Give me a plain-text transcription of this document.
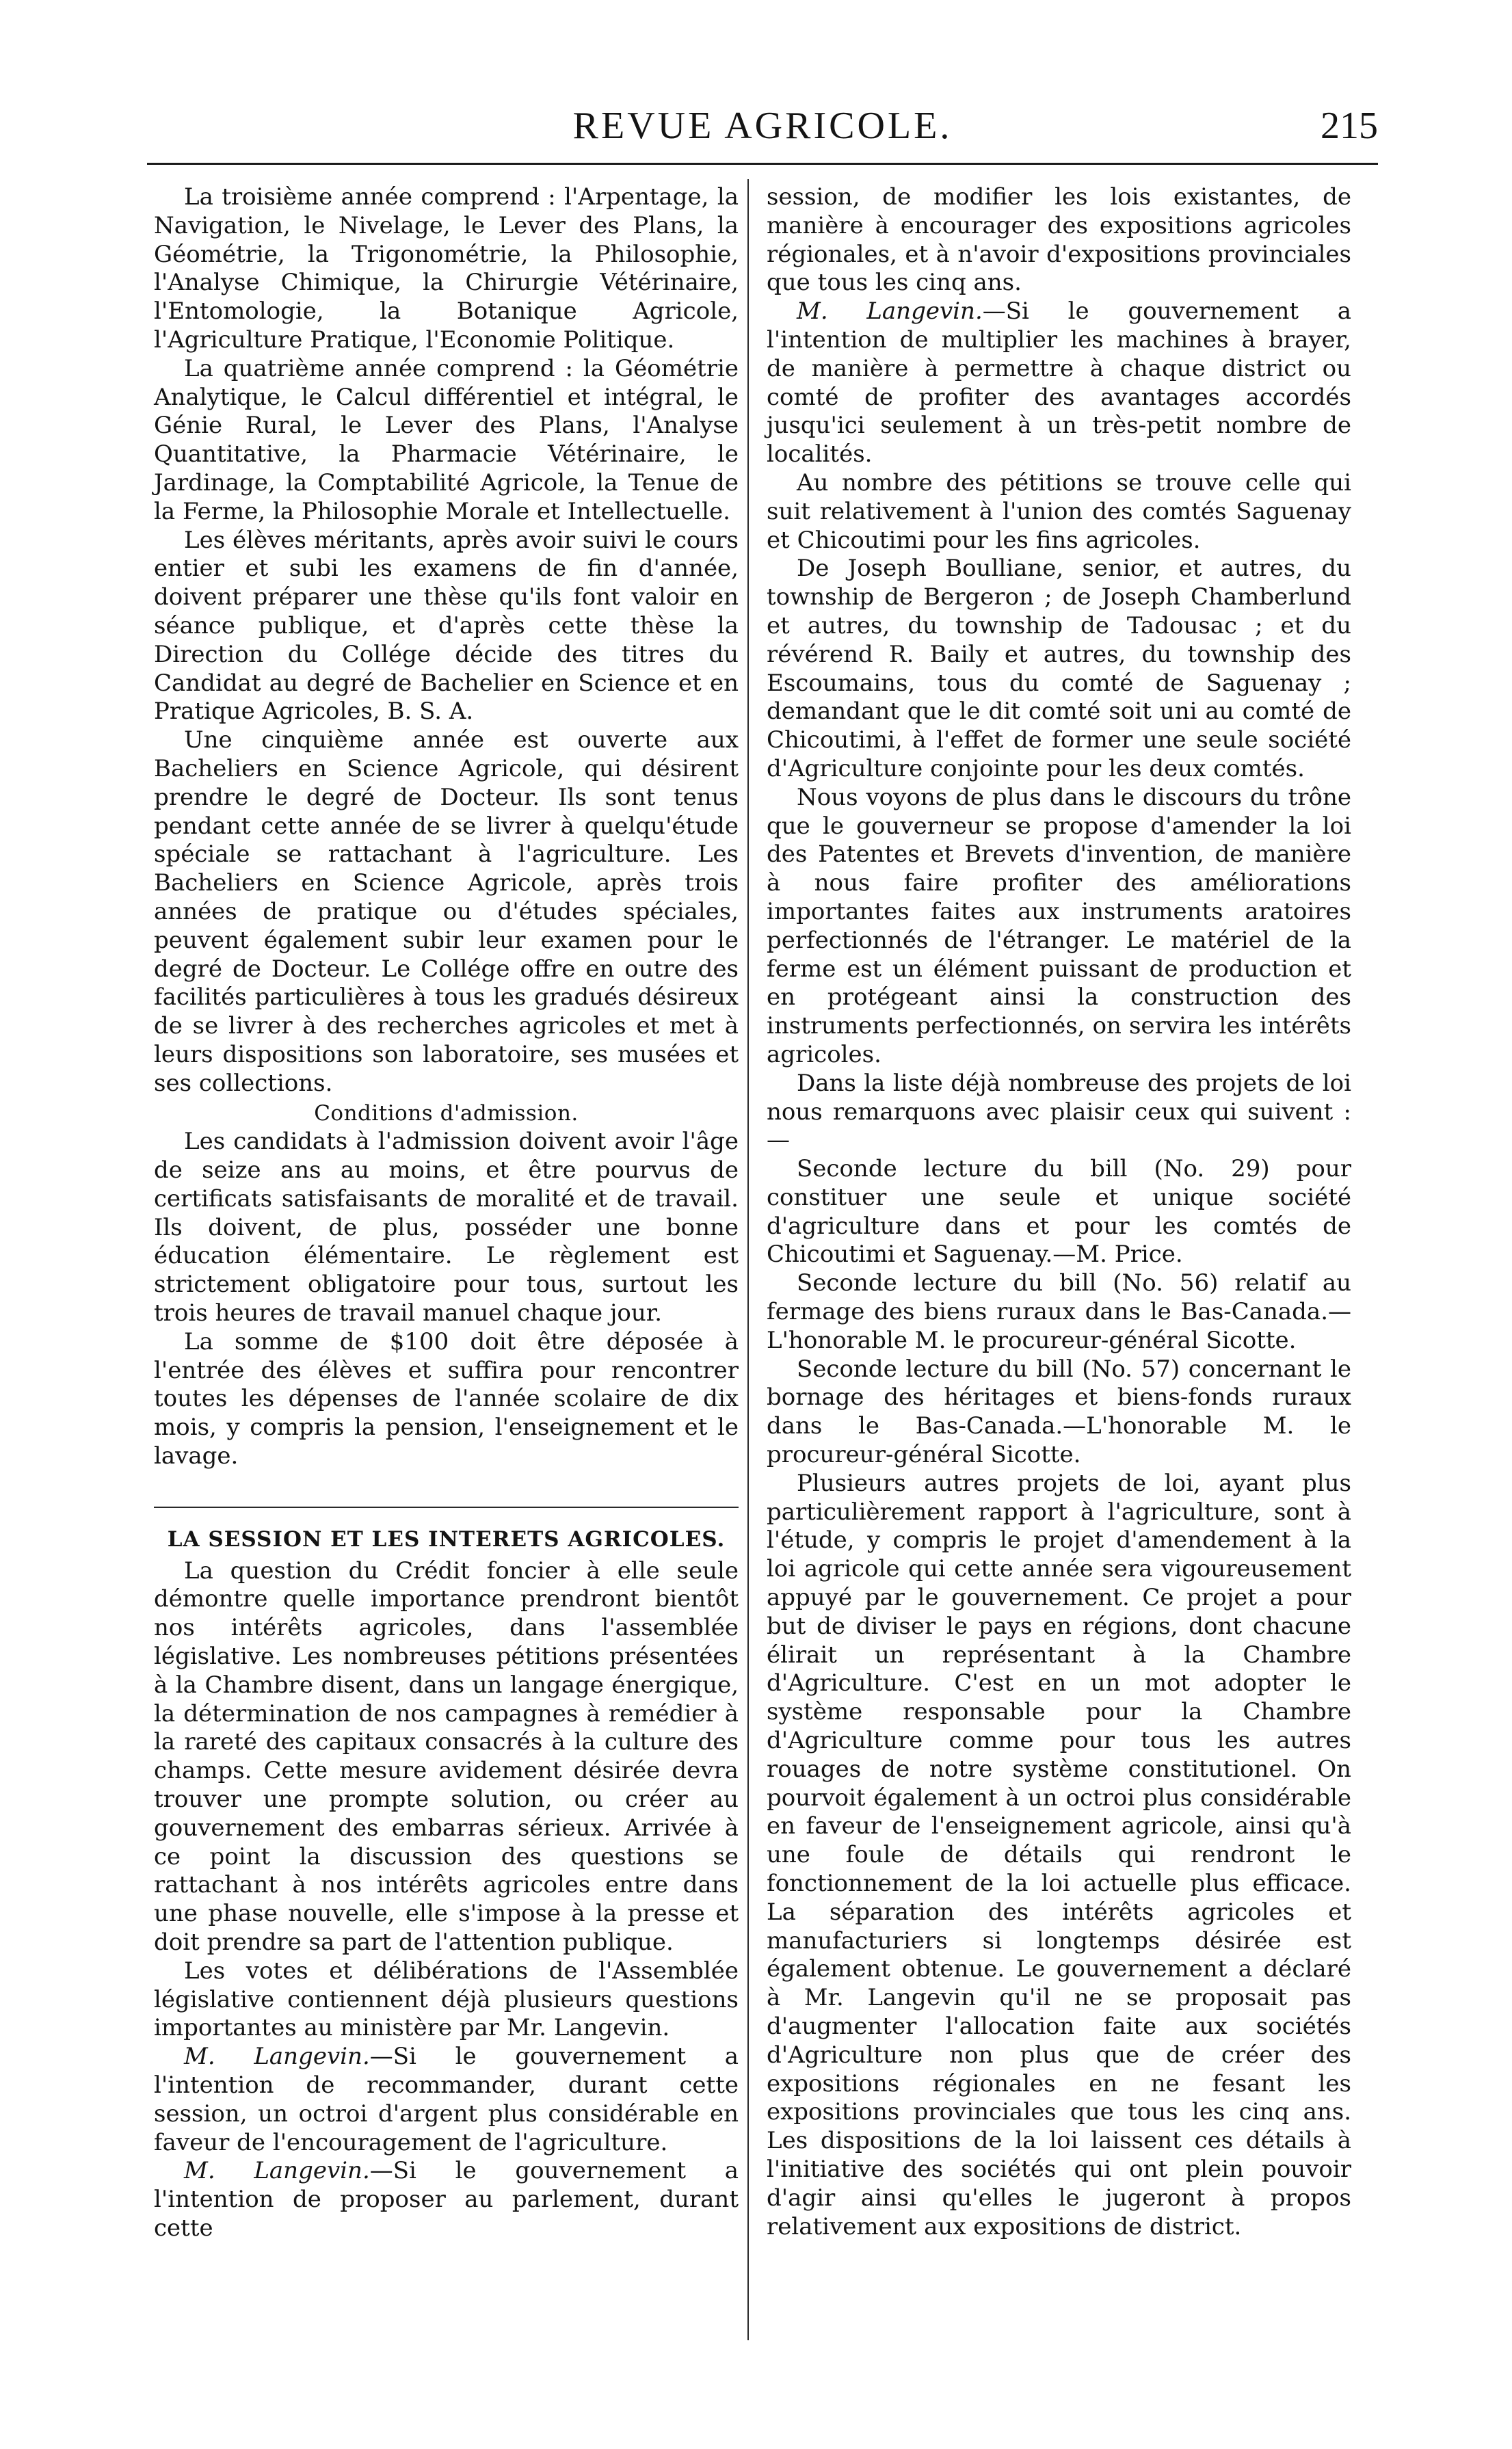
REVUE AGRICOLE.	215

La troisième année comprend : l'Arpentage, la Navigation, le Nivelage, le Lever des Plans, la Géométrie, la Trigonométrie, la Philosophie, l'Analyse Chimique, la Chirurgie Vétérinaire, l'Entomologie, la Botanique Agricole, l'Agriculture Pratique, l'Economie Politique.

La quatrième année comprend : la Géométrie Analytique, le Calcul différentiel et intégral, le Génie Rural, le Lever des Plans, l'Analyse Quantitative, la Pharmacie Vétérinaire, le Jardinage, la Comptabilité Agricole, la Tenue de la Ferme, la Philosophie Morale et Intellectuelle.

Les élèves méritants, après avoir suivi le cours entier et subi les examens de fin d'année, doivent préparer une thèse qu'ils font valoir en séance publique, et d'après cette thèse la Direction du Collége décide des titres du Candidat au degré de Bachelier en Science et en Pratique Agricoles, B. S. A.

Une cinquième année est ouverte aux Bacheliers en Science Agricole, qui désirent prendre le degré de Docteur. Ils sont tenus pendant cette année de se livrer à quelqu'étude spéciale se rattachant à l'agriculture. Les Bacheliers en Science Agricole, après trois années de pratique ou d'études spéciales, peuvent également subir leur examen pour le degré de Docteur. Le Collége offre en outre des facilités particulières à tous les gradués désireux de se livrer à des recherches agricoles et met à leurs dispositions son laboratoire, ses musées et ses collections.

Conditions d'admission.

Les candidats à l'admission doivent avoir l'âge de seize ans au moins, et être pourvus de certificats satisfaisants de moralité et de travail. Ils doivent, de plus, posséder une bonne éducation élémentaire. Le règlement est strictement obligatoire pour tous, surtout les trois heures de travail manuel chaque jour.

La somme de $100 doit être déposée à l'entrée des élèves et suffira pour rencontrer toutes les dépenses de l'année scolaire de dix mois, y compris la pension, l'enseignement et le lavage.

LA SESSION ET LES INTERETS AGRICOLES.

La question du Crédit foncier à elle seule démontre quelle importance prendront bientôt nos intérêts agricoles, dans l'assemblée législative. Les nombreuses pétitions présentées à la Chambre disent, dans un langage énergique, la détermination de nos campagnes à remédier à la rareté des capitaux consacrés à la culture des champs. Cette mesure avidement désirée devra trouver une prompte solution, ou créer au gouvernement des embarras sérieux. Arrivée à ce point la discussion des questions se rattachant à nos intérêts agricoles entre dans une phase nouvelle, elle s'impose à la presse et doit prendre sa part de l'attention publique.

Les votes et délibérations de l'Assemblée législative contiennent déjà plusieurs questions importantes au ministère par Mr. Langevin.

M. Langevin.—Si le gouvernement a l'intention de recommander, durant cette session, un octroi d'argent plus considérable en faveur de l'encouragement de l'agriculture.

M. Langevin.—Si le gouvernement a l'intention de proposer au parlement, durant cette

session, de modifier les lois existantes, de manière à encourager des expositions agricoles régionales, et à n'avoir d'expositions provinciales que tous les cinq ans.

M. Langevin.—Si le gouvernement a l'intention de multiplier les machines à brayer, de manière à permettre à chaque district ou comté de profiter des avantages accordés jusqu'ici seulement à un très-petit nombre de localités.

Au nombre des pétitions se trouve celle qui suit relativement à l'union des comtés Saguenay et Chicoutimi pour les fins agricoles.

De Joseph Boulliane, senior, et autres, du township de Bergeron ; de Joseph Chamberlund et autres, du township de Tadousac ; et du révérend R. Baily et autres, du township des Escoumains, tous du comté de Saguenay ; demandant que le dit comté soit uni au comté de Chicoutimi, à l'effet de former une seule société d'Agriculture conjointe pour les deux comtés.

Nous voyons de plus dans le discours du trône que le gouverneur se propose d'amender la loi des Patentes et Brevets d'invention, de manière à nous faire profiter des améliorations importantes faites aux instruments aratoires perfectionnés de l'étranger. Le matériel de la ferme est un élément puissant de production et en protégeant ainsi la construction des instruments perfectionnés, on servira les intérêts agricoles.

Dans la liste déjà nombreuse des projets de loi nous remarquons avec plaisir ceux qui suivent :—

Seconde lecture du bill (No. 29) pour constituer une seule et unique société d'agriculture dans et pour les comtés de Chicoutimi et Saguenay.—M. Price.

Seconde lecture du bill (No. 56) relatif au fermage des biens ruraux dans le Bas-Canada.—L'honorable M. le procureur-général Sicotte.

Seconde lecture du bill (No. 57) concernant le bornage des héritages et biens-fonds ruraux dans le Bas-Canada.—L'honorable M. le procureur-général Sicotte.

Plusieurs autres projets de loi, ayant plus particulièrement rapport à l'agriculture, sont à l'étude, y compris le projet d'amendement à la loi agricole qui cette année sera vigoureusement appuyé par le gouvernement. Ce projet a pour but de diviser le pays en régions, dont chacune élirait un représentant à la Chambre d'Agriculture. C'est en un mot adopter le système responsable pour la Chambre d'Agriculture comme pour tous les autres rouages de notre système constitutionel. On pourvoit également à un octroi plus considérable en faveur de l'enseignement agricole, ainsi qu'à une foule de détails qui rendront le fonctionnement de la loi actuelle plus efficace. La séparation des intérêts agricoles et manufacturiers si longtemps désirée est également obtenue. Le gouvernement a déclaré à Mr. Langevin qu'il ne se proposait pas d'augmenter l'allocation faite aux sociétés d'Agriculture non plus que de créer des expositions régionales en ne fesant les expositions provinciales que tous les cinq ans. Les dispositions de la loi laissent ces détails à l'initiative des sociétés qui ont plein pouvoir d'agir ainsi qu'elles le jugeront à propos relativement aux expositions de district.
